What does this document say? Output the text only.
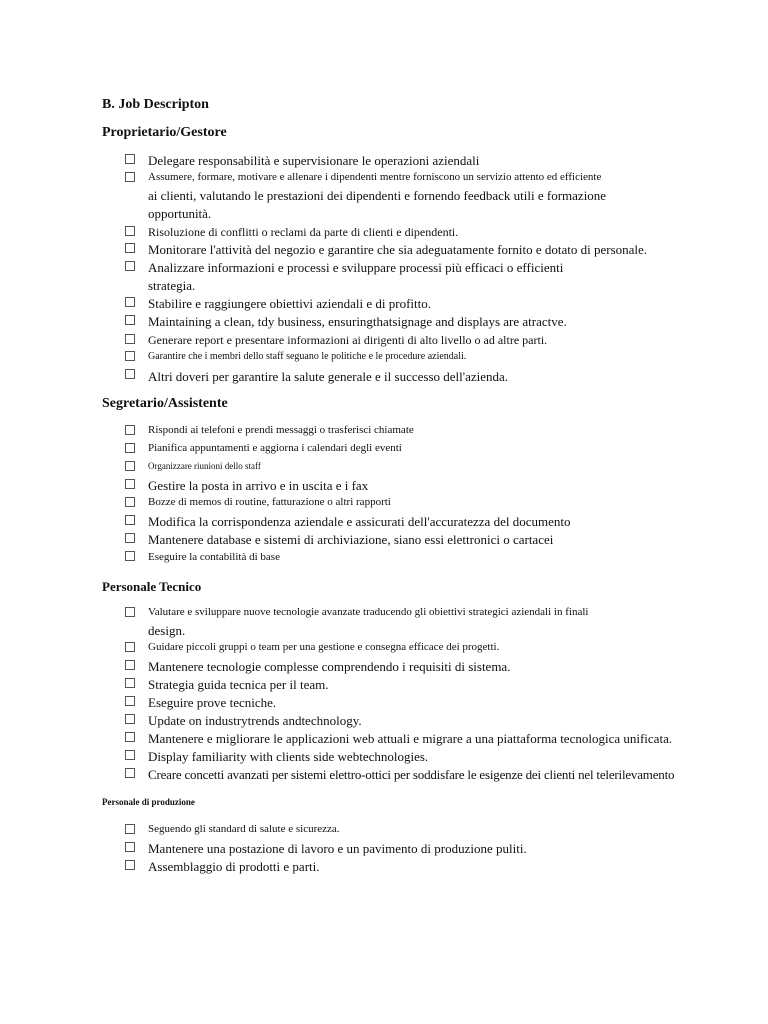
B. Job Descripton
Proprietario/Gestore
Delegare responsabilità e supervisionare le operazioni aziendali
Assumere, formare, motivare e allenare i dipendenti mentre forniscono un servizio attento ed efficiente
ai clienti, valutando le prestazioni dei dipendenti e fornendo feedback utili e formazione
opportunità.
Risoluzione di conflitti o reclami da parte di clienti e dipendenti.
Monitorare l'attività del negozio e garantire che sia adeguatamente fornito e dotato di personale.
Analizzare informazioni e processi e sviluppare processi più efficaci o efficienti
strategia.
Stabilire e raggiungere obiettivi aziendali e di profitto.
Maintaining a clean, tdy business, ensuringthatsignage and displays are atractve.
Generare report e presentare informazioni ai dirigenti di alto livello o ad altre parti.
Garantire che i membri dello staff seguano le politiche e le procedure aziendali.
Altri doveri per garantire la salute generale e il successo dell'azienda.
Segretario/Assistente
Rispondi ai telefoni e prendi messaggi o trasferisci chiamate
Pianifica appuntamenti e aggiorna i calendari degli eventi
Organizzare riunioni dello staff
Gestire la posta in arrivo e in uscita e i fax
Bozze di memos di routine, fatturazione o altri rapporti
Modifica la corrispondenza aziendale e assicurati dell'accuratezza del documento
Mantenere database e sistemi di archiviazione, siano essi elettronici o cartacei
Eseguire la contabilità di base
Personale Tecnico
Valutare e sviluppare nuove tecnologie avanzate traducendo gli obiettivi strategici aziendali in finali
design.
Guidare piccoli gruppi o team per una gestione e consegna efficace dei progetti.
Mantenere tecnologie complesse comprendendo i requisiti di sistema.
Strategia guida tecnica per il team.
Eseguire prove tecniche.
Update on industrytrends andtechnology.
Mantenere e migliorare le applicazioni web attuali e migrare a una piattaforma tecnologica unificata.
Display familiarity with clients side webtechnologies.
Creare concetti avanzati per sistemi elettro-ottici per soddisfare le esigenze dei clienti nel telerilevamento
Personale di produzione
Seguendo gli standard di salute e sicurezza.
Mantenere una postazione di lavoro e un pavimento di produzione puliti.
Assemblaggio di prodotti e parti.
